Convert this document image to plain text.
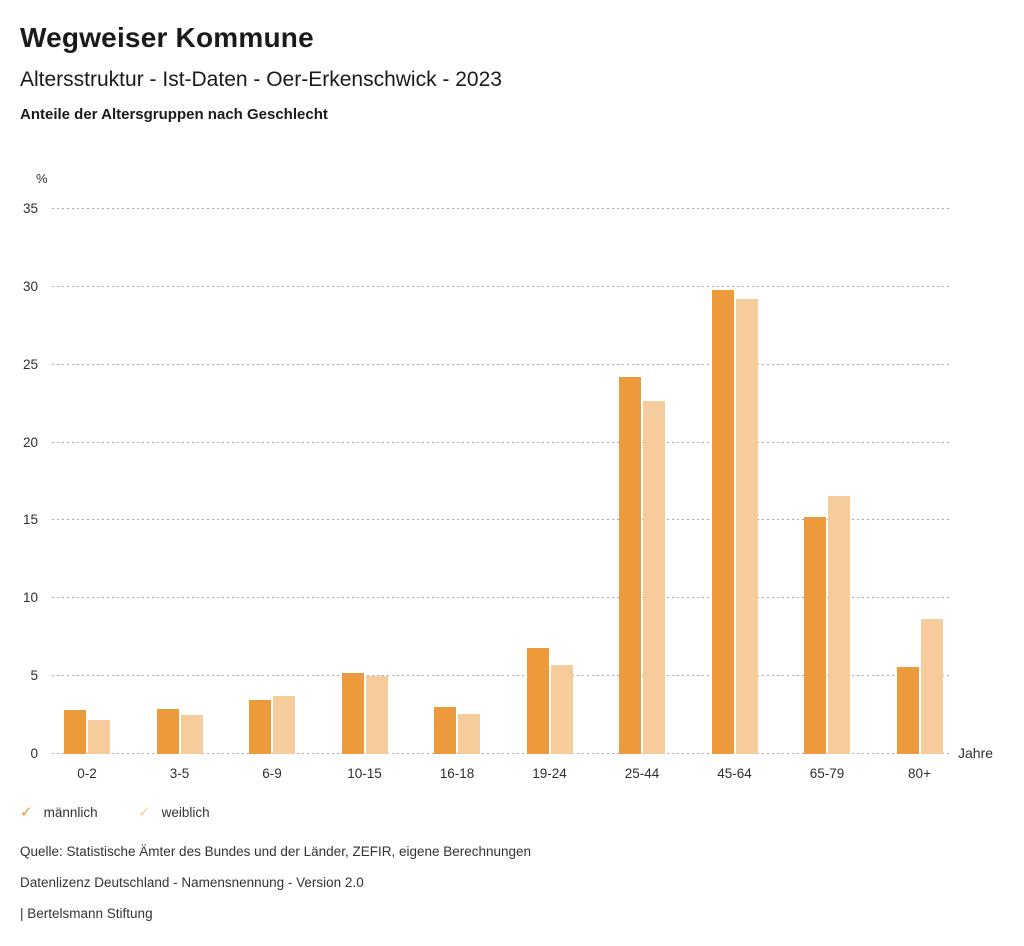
Wegweiser Kommune
Altersstruktur - Ist-Daten - Oer-Erkenschwick - 2023
Anteile der Altersgruppen nach Geschlecht
%
0
5
10
15
20
25
30
35
Jahre
0-2	3-5	6-9	10-15	16-18	19-24	25-44	45-64	65-79	80+
✓ männlich	✓ weiblich
Quelle: Statistische Ämter des Bundes und der Länder, ZEFIR, eigene Berechnungen
Datenlizenz Deutschland - Namensnennung - Version 2.0
| Bertelsmann Stiftung
